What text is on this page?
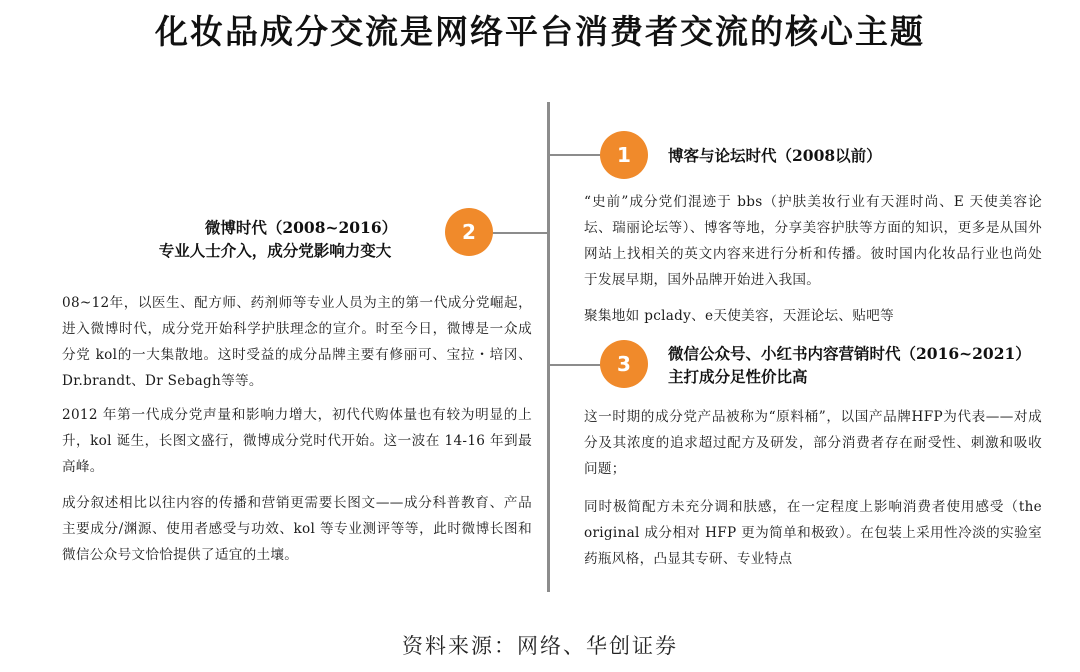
化妆品成分交流是网络平台消费者交流的核心主题
1	博客与论坛时代（2008以前）
“史前”成分党们混迹于 bbs（护肤美妆行业有天涯时尚、E 天使美容论坛、瑞丽论坛等）、博客等地，分享美容护肤等方面的知识，更多是从国外网站上找相关的英文内容来进行分析和传播。彼时国内化妆品行业也尚处于发展早期，国外品牌开始进入我国。
聚集地如 pclady、e天使美容，天涯论坛、贴吧等
2
微博时代（2008~2016）
专业人士介入，成分党影响力变大
08~12年，以医生、配方师、药剂师等专业人员为主的第一代成分党崛起，进入微博时代，成分党开始科学护肤理念的宣介。时至今日，微博是一众成分党 kol的一大集散地。这时受益的成分品牌主要有修丽可、宝拉・培冈、Dr.brandt、Dr Sebagh等等。
2012 年第一代成分党声量和影响力增大，初代代购体量也有较为明显的上升，kol 诞生，长图文盛行，微博成分党时代开始。这一波在 14-16 年到最高峰。
成分叙述相比以往内容的传播和营销更需要长图文——成分科普教育、产品主要成分/渊源、使用者感受与功效、kol 等专业测评等等，此时微博长图和微信公众号文恰恰提供了适宜的土壤。
3	微信公众号、小红书内容营销时代（2016~2021）
主打成分足性价比高
这一时期的成分党产品被称为“原料桶”，以国产品牌HFP为代表——对成分及其浓度的追求超过配方及研发，部分消费者存在耐受性、刺激和吸收问题；
同时极简配方未充分调和肤感，在一定程度上影响消费者使用感受（the original 成分相对 HFP 更为简单和极致）。在包装上采用性冷淡的实验室药瓶风格，凸显其专研、专业特点
资料来源：网络、华创证券
